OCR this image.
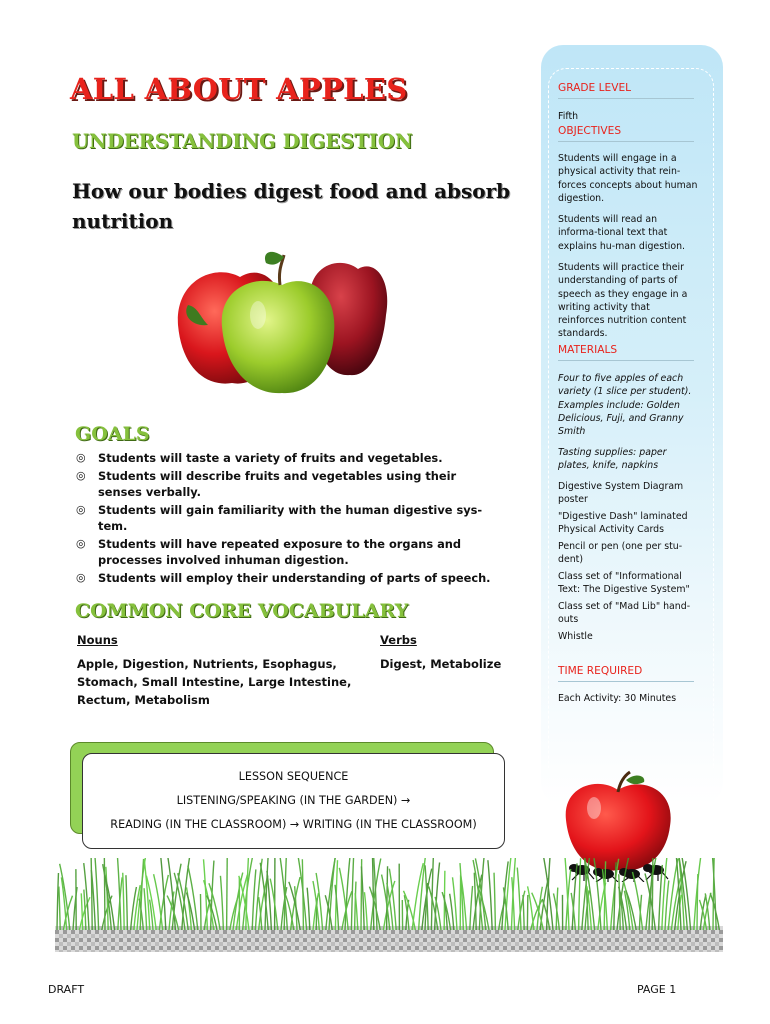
ALL ABOUT APPLES
UNDERSTANDING DIGESTION
How our bodies digest food and absorb nutrition
GOALS
◎ Students will taste a variety of fruits and vegetables.
◎ Students will describe fruits and vegetables using their senses verbally.
◎ Students will gain familiarity with the human digestive sys-tem.
◎ Students will have repeated exposure to the organs and processes involved inhuman digestion.
◎ Students will employ their understanding of parts of speech.
COMMON CORE VOCABULARY
Nouns	Verbs
Apple, Digestion, Nutrients, Esophagus, Stomach, Small Intestine, Large Intestine, Rectum, Metabolism
Digest, Metabolize
LESSON SEQUENCE
LISTENING/SPEAKING (IN THE GARDEN) →
READING (IN THE CLASSROOM) → WRITING (IN THE CLASSROOM)
GRADE LEVEL
Fifth
OBJECTIVES
Students will engage in a physical activity that rein-forces concepts about human digestion.
Students will read an informa-tional text that explains hu-man digestion.
Students will practice their understanding of parts of speech as they engage in a writing activity that reinforces nutrition content standards.
MATERIALS
Four to five apples of each variety (1 slice per student). Examples include: Golden Delicious, Fuji, and Granny Smith
Tasting supplies: paper plates, knife, napkins
Digestive System Diagram poster
"Digestive Dash" laminated Physical Activity Cards
Pencil or pen (one per stu-dent)
Class set of "Informational Text: The Digestive System"
Class set of "Mad Lib" hand-outs
Whistle
TIME REQUIRED
Each Activity: 30 Minutes
DRAFT	PAGE 1
